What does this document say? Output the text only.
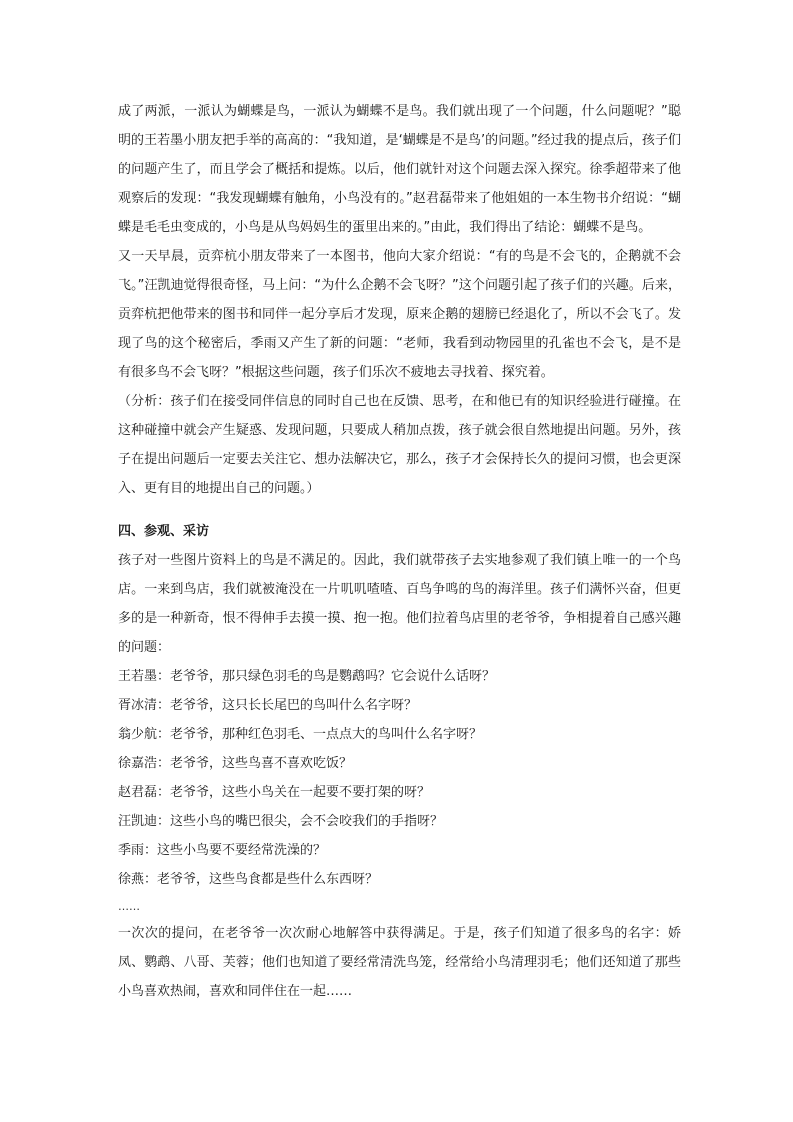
成了两派，一派认为蝴蝶是鸟，一派认为蝴蝶不是鸟。我们就出现了一个问题，什么问题呢？”聪明的王若墨小朋友把手举的高高的：“我知道，是‘蝴蝶是不是鸟’的问题。”经过我的提点后，孩子们的问题产生了，而且学会了概括和提炼。以后，他们就针对这个问题去深入探究。徐季超带来了他观察后的发现：“我发现蝴蝶有触角，小鸟没有的。”赵君磊带来了他姐姐的一本生物书介绍说：“蝴蝶是毛毛虫变成的，小鸟是从鸟妈妈生的蛋里出来的。”由此，我们得出了结论：蝴蝶不是鸟。

又一天早晨，贡弈杭小朋友带来了一本图书，他向大家介绍说：“有的鸟是不会飞的，企鹅就不会飞。”汪凯迪觉得很奇怪，马上问：“为什么企鹅不会飞呀？”这个问题引起了孩子们的兴趣。后来，贡弈杭把他带来的图书和同伴一起分享后才发现，原来企鹅的翅膀已经退化了，所以不会飞了。发现了鸟的这个秘密后，季雨又产生了新的问题：“老师，我看到动物园里的孔雀也不会飞，是不是有很多鸟不会飞呀？”根据这些问题，孩子们乐次不疲地去寻找着、探究着。

（分析：孩子们在接受同伴信息的同时自己也在反馈、思考，在和他已有的知识经验进行碰撞。在这种碰撞中就会产生疑惑、发现问题，只要成人稍加点拨，孩子就会很自然地提出问题。另外，孩子在提出问题后一定要去关注它、想办法解决它，那么，孩子才会保持长久的提问习惯，也会更深入、更有目的地提出自己的问题。）

四、参观、采访

孩子对一些图片资料上的鸟是不满足的。因此，我们就带孩子去实地参观了我们镇上唯一的一个鸟店。一来到鸟店，我们就被淹没在一片叽叽喳喳、百鸟争鸣的鸟的海洋里。孩子们满怀兴奋，但更多的是一种新奇，恨不得伸手去摸一摸、抱一抱。他们拉着鸟店里的老爷爷，争相提着自己感兴趣的问题：

王若墨：老爷爷，那只绿色羽毛的鸟是鹦鹉吗？它会说什么话呀？

胥冰清：老爷爷，这只长长尾巴的鸟叫什么名字呀？

翁少航：老爷爷，那种红色羽毛、一点点大的鸟叫什么名字呀？

徐嘉浩：老爷爷，这些鸟喜不喜欢吃饭？

赵君磊：老爷爷，这些小鸟关在一起要不要打架的呀？

汪凯迪：这些小鸟的嘴巴很尖，会不会咬我们的手指呀？

季雨：这些小鸟要不要经常洗澡的？

徐燕：老爷爷，这些鸟食都是些什么东西呀？

……

一次次的提问，在老爷爷一次次耐心地解答中获得满足。于是，孩子们知道了很多鸟的名字：娇凤、鹦鹉、八哥、芙蓉；他们也知道了要经常清洗鸟笼，经常给小鸟清理羽毛；他们还知道了那些小鸟喜欢热闹，喜欢和同伴住在一起……
